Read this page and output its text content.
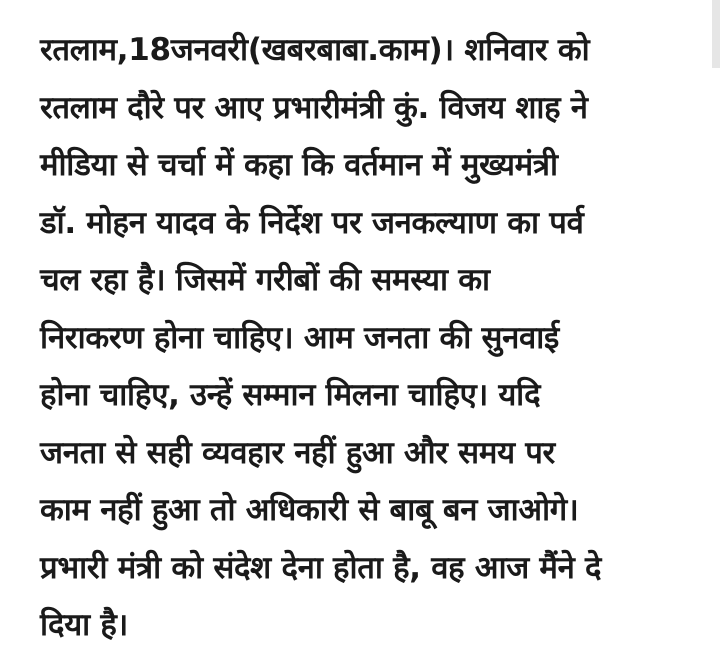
रतलाम,18जनवरी(खबरबाबा.काम)। शनिवार को
रतलाम दौरे पर आए प्रभारीमंत्री कुं. विजय शाह ने
मीडिया से चर्चा में कहा कि वर्तमान में मुख्यमंत्री
डॉ. मोहन यादव के निर्देश पर जनकल्याण का पर्व
चल रहा है। जिसमें गरीबों की समस्या का
निराकरण होना चाहिए। आम जनता की सुनवाई
होना चाहिए, उन्हें सम्मान मिलना चाहिए। यदि
जनता से सही व्यवहार नहीं हुआ और समय पर
काम नहीं हुआ तो अधिकारी से बाबू बन जाओगे।
प्रभारी मंत्री को संदेश देना होता है, वह आज मैंने दे
दिया है।
